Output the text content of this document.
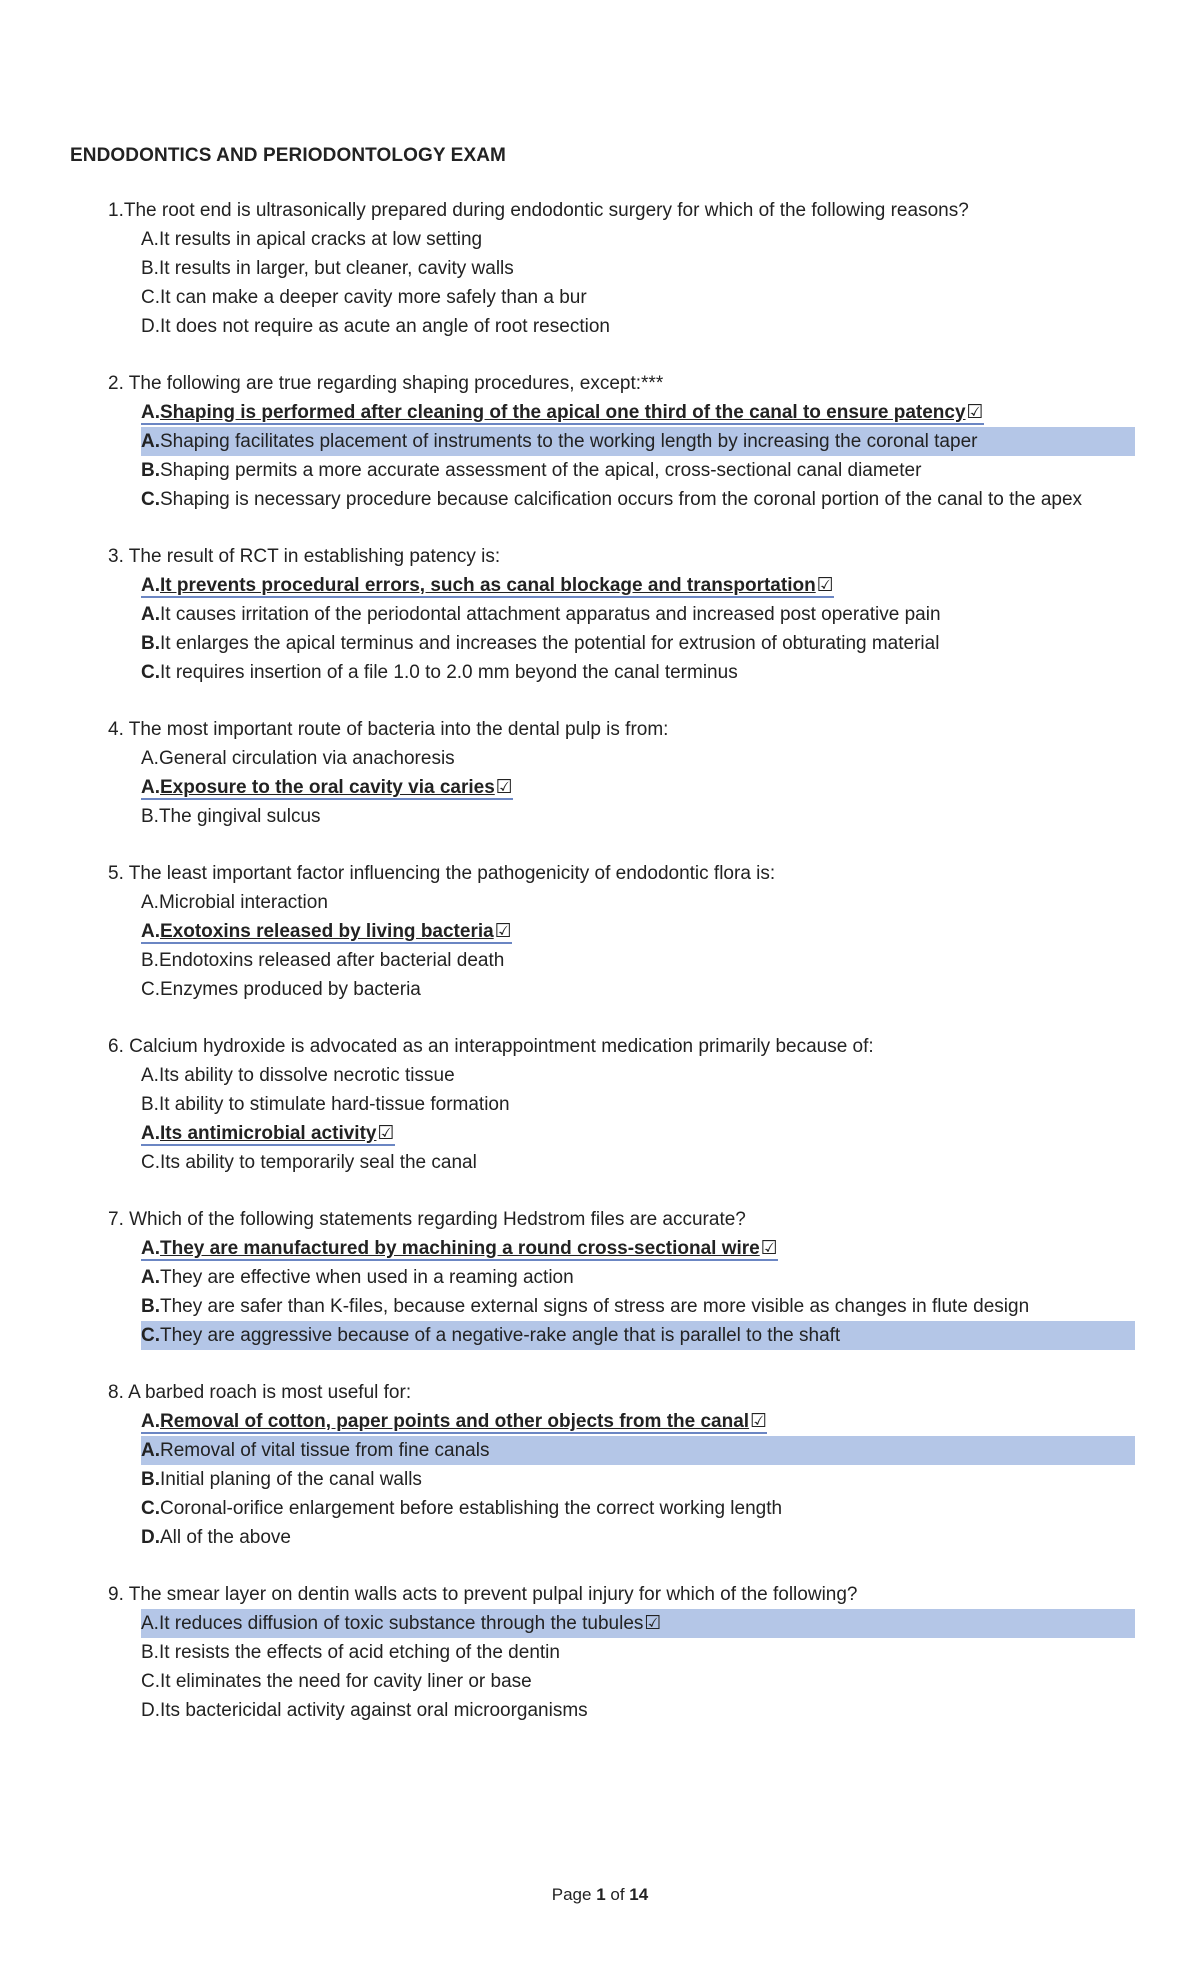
ENDODONTICS AND PERIODONTOLOGY EXAM
1.The root end is ultrasonically prepared during endodontic surgery for which of the following reasons?
A.It results in apical cracks at low setting
B.It results in larger, but cleaner, cavity walls
C.It can make a deeper cavity more safely than a bur
D.It does not require as acute an angle of root resection
2. The following are true regarding shaping procedures, except:***
A.Shaping is performed after cleaning of the apical one third of the canal to ensure patency☑
A.Shaping facilitates placement of instruments to the working length by increasing the coronal taper
B.Shaping permits a more accurate assessment of the apical, cross-sectional canal diameter
C.Shaping is necessary procedure because calcification occurs from the coronal portion of the canal to the apex
3. The result of RCT in establishing patency is:
A.It prevents procedural errors, such as canal blockage and transportation☑
A.It causes irritation of the periodontal attachment apparatus and increased post operative pain
B.It enlarges the apical terminus and increases the potential for extrusion of obturating material
C.It requires insertion of a file 1.0 to 2.0 mm beyond the canal terminus
4. The most important route of bacteria into the dental pulp is from:
A.General circulation via anachoresis
A.Exposure to the oral cavity via caries☑
B.The gingival sulcus
5. The least important factor influencing the pathogenicity of endodontic flora is:
A.Microbial interaction
A.Exotoxins released by living bacteria☑
B.Endotoxins released after bacterial death
C.Enzymes produced by bacteria
6. Calcium hydroxide is advocated as an interappointment medication primarily because of:
A.Its ability to dissolve necrotic tissue
B.It ability to stimulate hard-tissue formation
A.Its antimicrobial activity☑
C.Its ability to temporarily seal the canal
7. Which of the following statements regarding Hedstrom files are accurate?
A.They are manufactured by machining a round cross-sectional wire☑
A.They are effective when used in a reaming action
B.They are safer than K-files, because external signs of stress are more visible as changes in flute design
C.They are aggressive because of a negative-rake angle that is parallel to the shaft
8. A barbed roach is most useful for:
A.Removal of cotton, paper points and other objects from the canal☑
A.Removal of vital tissue from fine canals
B.Initial planing of the canal walls
C.Coronal-orifice enlargement before establishing the correct working length
D.All of the above
9. The smear layer on dentin walls acts to prevent pulpal injury for which of the following?
A.It reduces diffusion of toxic substance through the tubules☑
B.It resists the effects of acid etching of the dentin
C.It eliminates the need for cavity liner or base
D.Its bactericidal activity against oral microorganisms
Page 1 of 14
